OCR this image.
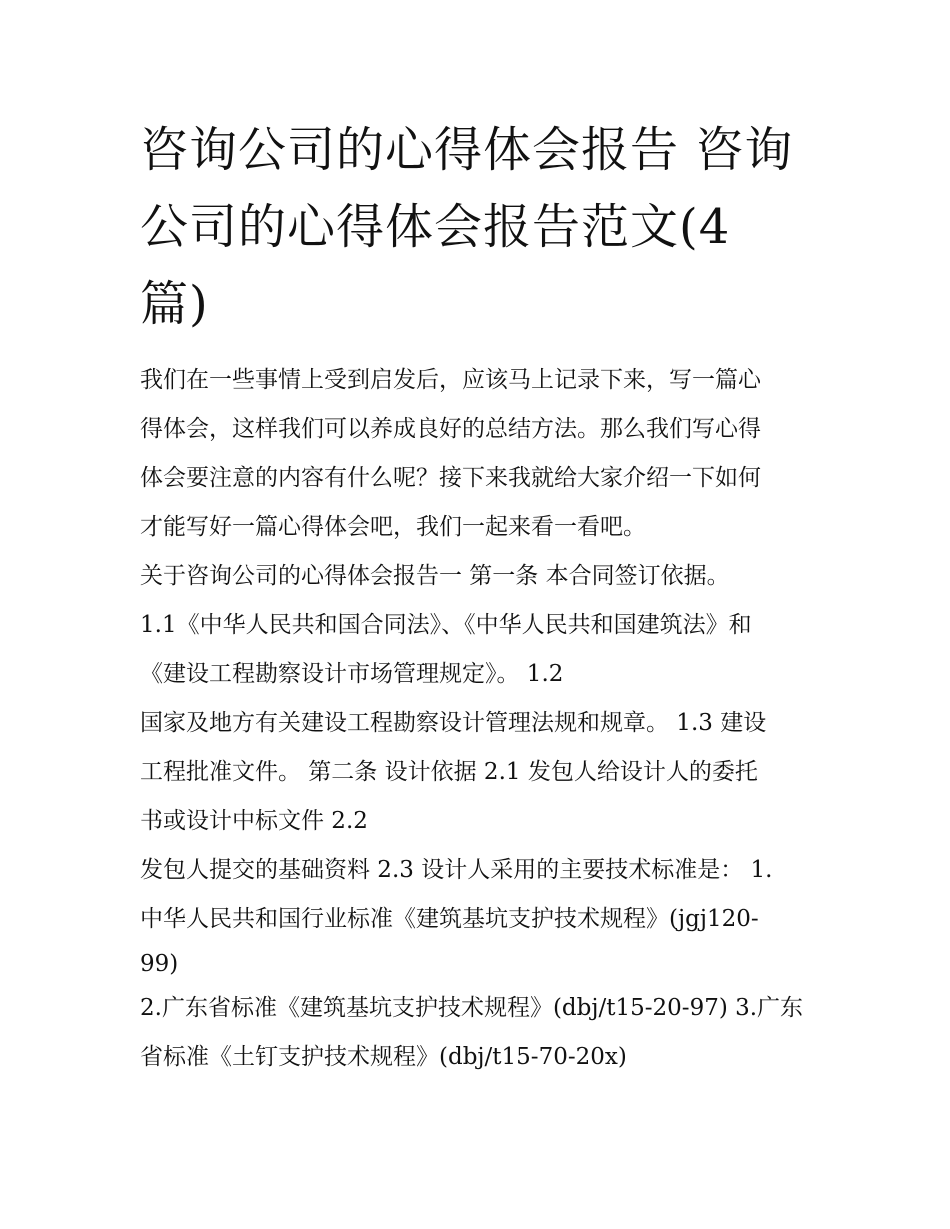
咨询公司的心得体会报告 咨询
公司的心得体会报告范文(4
篇)
我们在一些事情上受到启发后，应该马上记录下来，写一篇心
得体会，这样我们可以养成良好的总结方法。那么我们写心得
体会要注意的内容有什么呢？接下来我就给大家介绍一下如何
才能写好一篇心得体会吧，我们一起来看一看吧。
关于咨询公司的心得体会报告一 第一条 本合同签订依据。
1.1《中华人民共和国合同法》、《中华人民共和国建筑法》和
《建设工程勘察设计市场管理规定》。 1.2
国家及地方有关建设工程勘察设计管理法规和规章。 1.3 建设
工程批准文件。 第二条 设计依据 2.1 发包人给设计人的委托
书或设计中标文件 2.2
发包人提交的基础资料 2.3 设计人采用的主要技术标准是： 1.
中华人民共和国行业标准《建筑基坑支护技术规程》(jgj120-
99)
2.广东省标准《建筑基坑支护技术规程》(dbj/t15-20-97) 3.广东
省标准《土钉支护技术规程》(dbj/t15-70-20x)
